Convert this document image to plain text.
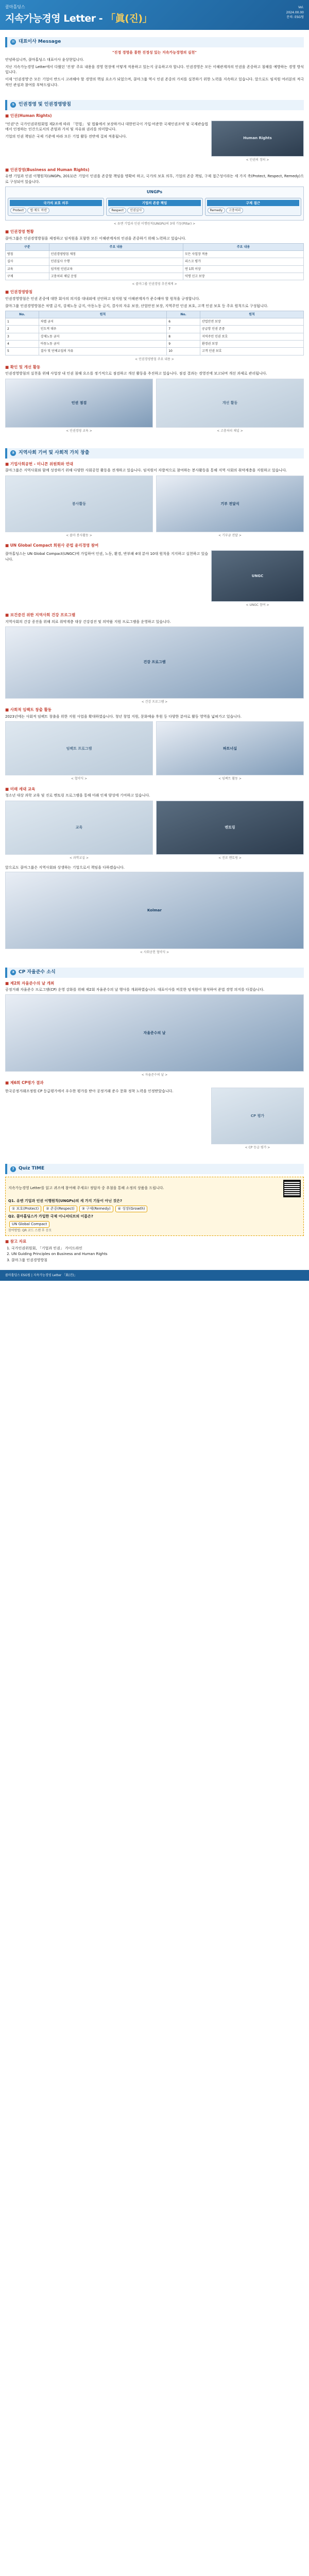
콜마홀딩스
지속가능경영 Letter - 「眞(진)」
Vol.
2024.00.00
문의: ESG팀
✉ 대표이사 Message
"진정 경영을 통한 진정성 있는 지속가능경영의 실천"

안녕하십니까, 콜마홀딩스 대표이사 윤상현입니다.

지난 지속가능경영 Letter에서 다뤘던 '진정' 주요 내용을 경영 현장에 어떻게 적용하고 있는지 공유하고자 합니다. 인권경영은 모든 이해관계자의 인권을 존중하고 침해를 예방하는 경영 방식입니다.

이제 '인권경영'은 모든 기업이 반드시 고려해야 할 경영의 핵심 요소가 되었으며, 콜마그룹 역시 인권 존중의 가치를 실천하기 위한 노력을 지속하고 있습니다. 앞으로도 임직원 여러분의 적극적인 관심과 참여를 부탁드립니다.

① 인권경영 및 인권경영방침
■ 인권(Human Rights)

"인권"은 국가인권위원회법 제2조에 따라 「헌법」 및 법률에서 보장하거나 대한민국이 가입·비준한 국제인권조약 및 국제관습법에서 인정하는 인간으로서의 존엄과 가치 및 자유와 권리를 의미합니다.

기업의 인권 책임은 국제 기준에 따라 모든 기업 활동 전반에 걸쳐 적용됩니다.	Human Rights
< 인권의 정의 >
■ 인권경영(Business and Human Rights)

유엔 기업과 인권 이행원칙(UNGPs, 2011)은 기업이 인권을 존중할 책임을 명확히 하고, 국가의 보호 의무, 기업의 존중 책임, 구제 접근성이라는 세 가지 축(Protect, Respect, Remedy)으로 구성되어 있습니다.

UNGPs
국가의 보호 의무
Protect 법·제도 마련
기업의 존중 책임
Respect 인권실사
구제 접근
Remedy 고충처리
< 유엔 기업과 인권 이행원칙(UNGPs)의 3대 기둥(Pillar) >
■ 인권경영 현황

콜마그룹은 인권경영방침을 제정하고 임직원을 포함한 모든 이해관계자의 인권을 존중하기 위해 노력하고 있습니다.

구분	주요 내용	주요 내용
방침	인권경영방침 제정	모든 사업장 적용
실사	인권실사 수행	리스크 평가
교육	임직원 인권교육	연 1회 이상
구제	고충처리 채널 운영	익명 신고 보장
< 콜마그룹 인권경영 추진체계 >
■ 인권경영방침

인권경영방침은 인권 존중에 대한 회사의 의지를 대내외에 선언하고 임직원 및 이해관계자가 준수해야 할 원칙을 규정합니다.

콜마그룹 인권경영방침은 차별 금지, 강제노동 금지, 아동노동 금지, 결사의 자유 보장, 산업안전 보장, 지역주민 인권 보호, 고객 인권 보호 등 주요 원칙으로 구성됩니다.

No.	원칙	No.	원칙
1	차별 금지	6	산업안전 보장
2	인도적 대우	7	공급망 인권 존중
3	강제노동 금지	8	지역주민 인권 보호
4	아동노동 금지	9	환경권 보장
5	결사 및 단체교섭의 자유	10	고객 인권 보호
< 인권경영방침 주요 내용 >
■ 확인 및 개선 활동

인권경영방침의 실천을 위해 사업장 내 인권 침해 요소를 정기적으로 점검하고 개선 활동을 추진하고 있습니다. 점검 결과는 경영진에 보고되며 개선 과제로 관리됩니다.

인권 점검
< 인권경영 교육 >
개선 활동
< 고충처리 채널 >
② 지역사회 기여 및 사회적 가치 창출
■ 기업사회공헌 - 미니콘 위원회와 연대

콜마그룹은 지역사회와 함께 성장하기 위해 다양한 사회공헌 활동을 전개하고 있습니다. 임직원이 자발적으로 참여하는 봉사활동을 통해 지역 사회의 취약계층을 지원하고 있습니다.

봉사활동
< 콜마 봉사활동 >
기부 전달식
< 기부금 전달 >
■ UN Global Compact 회원사 준법 윤리경영 참여

콜마홀딩스는 UN Global Compact(UNGC)에 가입하여 인권, 노동, 환경, 반부패 4대 분야 10대 원칙을 지지하고 실천하고 있습니다.

UNGC
< UNGC 참여 >
■ 보건증진 위한 지역사회 건강 프로그램

지역사회의 건강 증진을 위해 의료 취약계층 대상 건강검진 및 의약품 지원 프로그램을 운영하고 있습니다.

건강 프로그램
< 건강 프로그램 >
■ 사회적 임팩트 창출 활동

2023년에는 사회적 임팩트 창출을 위한 지원 사업을 확대하였습니다. 청년 창업 지원, 문화예술 후원 등 다양한 분야로 활동 영역을 넓혀가고 있습니다.

임팩트 프로그램
< 협약식 >
파트너십
< 임팩트 활동 >
■ 미래 세대 교육

청소년 대상 과학 교육 및 진로 멘토링 프로그램을 통해 미래 인재 양성에 기여하고 있습니다.

교육
< 과학교실 >
멘토링
< 진로 멘토링 >

앞으로도 콜마그룹은 지역사회와 상생하는 기업으로서 책임을 다하겠습니다.

Kolmar
< 사회공헌 협약식 >
③ CP 자율준수 소식
■ 제2회 자율준수의 날 개최

공정거래 자율준수 프로그램(CP) 운영 강화를 위해 제2회 자율준수의 날 행사를 개최하였습니다. 대표이사를 비롯한 임직원이 참석하여 준법 경영 의지를 다졌습니다.

자율준수의 날
< 자율준수의 날 >
■ 제6회 CP평가 결과

한국공정거래조정원 CP 등급평가에서 우수한 평가를 받아 공정거래 준수 문화 정착 노력을 인정받았습니다.

CP 평가
< CP 등급 평가 >
? Quiz TIME

지속가능경영 Letter를 읽고 퀴즈에 참여해 주세요! 정답자 중 추첨을 통해 소정의 상품을 드립니다.

Q1. 유엔 기업과 인권 이행원칙(UNGPs)의 세 가지 기둥이 아닌 것은?
① 보호(Protect) ② 존중(Respect) ③ 구제(Remedy) ④ 성장(Growth)
Q2. 콜마홀딩스가 가입한 국제 이니셔티브의 이름은?
UN Global Compact
참여방법: QR 코드 스캔 후 응모
■ 참고 자료
1. 국가인권위원회, 「기업과 인권」 가이드라인
2. UN Guiding Principles on Business and Human Rights
3. 콜마그룹 인권경영방침
콜마홀딩스 ESG팀 | 지속가능경영 Letter 「眞(진)」
